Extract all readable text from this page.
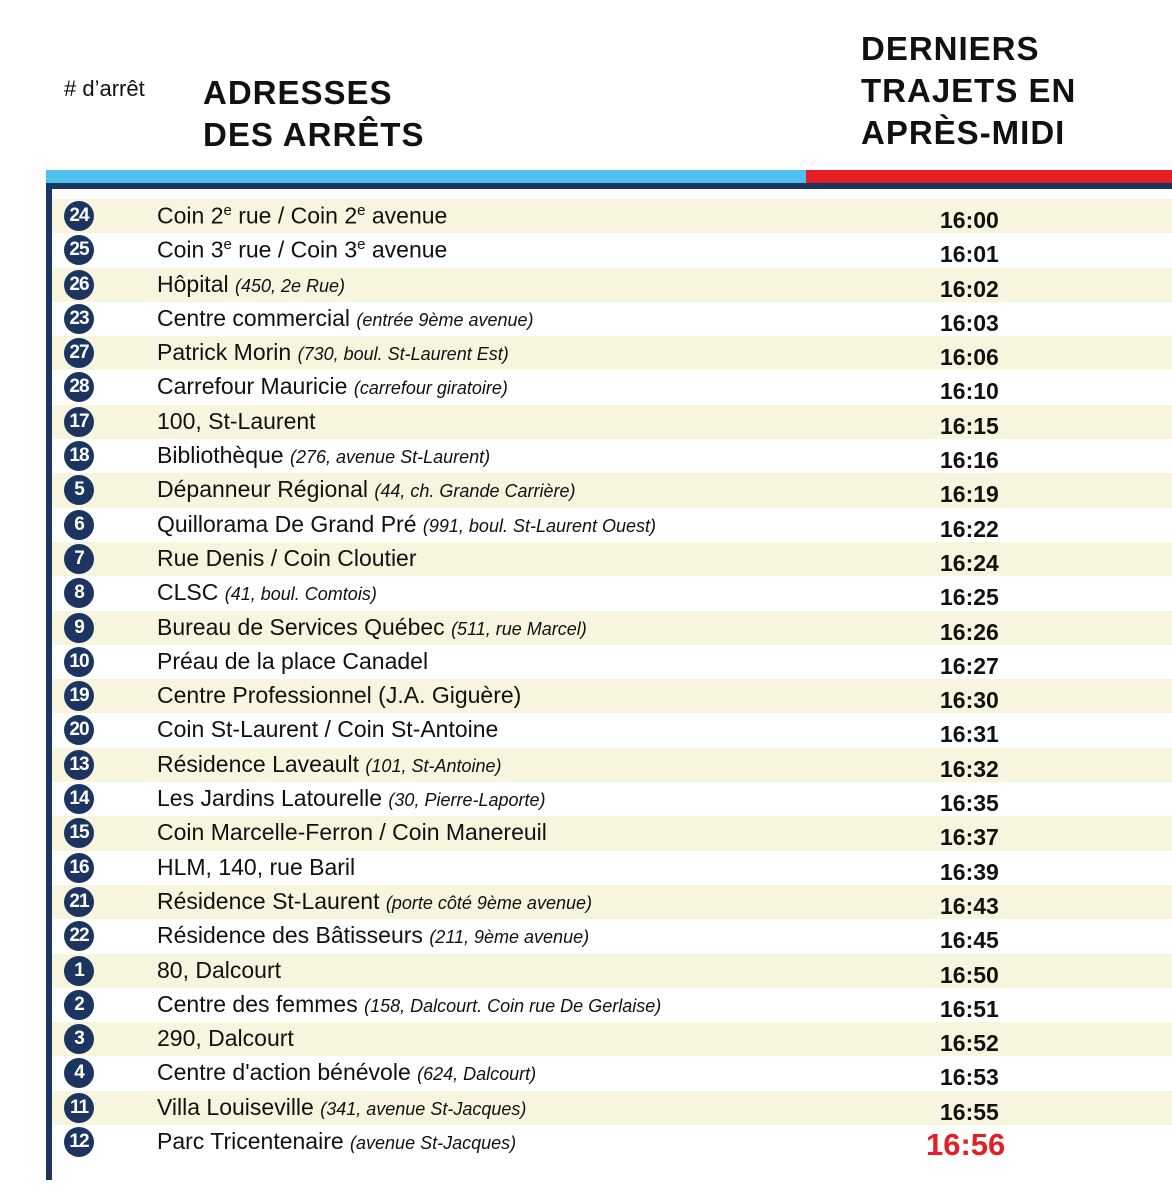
# d’arrêt ADRESSES
DES ARRÊTS
DERNIERS
TRAJETS EN
APRÈS-MIDI
24	Coin 2e rue / Coin 2e avenue	16:00
25	Coin 3e rue / Coin 3e avenue	16:01
26	Hôpital (450, 2e Rue)	16:02
23	Centre commercial (entrée 9ème avenue)	16:03
27	Patrick Morin (730, boul. St-Laurent Est)	16:06
28	Carrefour Mauricie (carrefour giratoire)	16:10
17	100, St-Laurent	16:15
18	Bibliothèque (276, avenue St-Laurent)	16:16
5	Dépanneur Régional (44, ch. Grande Carrière)	16:19
6	Quillorama De Grand Pré (991, boul. St-Laurent Ouest)	16:22
7	Rue Denis / Coin Cloutier	16:24
8	CLSC (41, boul. Comtois)	16:25
9	Bureau de Services Québec (511, rue Marcel)	16:26
10	Préau de la place Canadel	16:27
19	Centre Professionnel (J.A. Giguère)	16:30
20	Coin St-Laurent / Coin St-Antoine	16:31
13	Résidence Laveault (101, St-Antoine)	16:32
14	Les Jardins Latourelle (30, Pierre-Laporte)	16:35
15	Coin Marcelle-Ferron / Coin Manereuil	16:37
16	HLM, 140, rue Baril	16:39
21	Résidence St-Laurent (porte côté 9ème avenue)	16:43
22	Résidence des Bâtisseurs (211, 9ème avenue)	16:45
1	80, Dalcourt	16:50
2	Centre des femmes (158, Dalcourt. Coin rue De Gerlaise)	16:51
3	290, Dalcourt	16:52
4	Centre d'action bénévole (624, Dalcourt)	16:53
11	Villa Louiseville (341, avenue St-Jacques)	16:55
12	Parc Tricentenaire (avenue St-Jacques)	16:56
